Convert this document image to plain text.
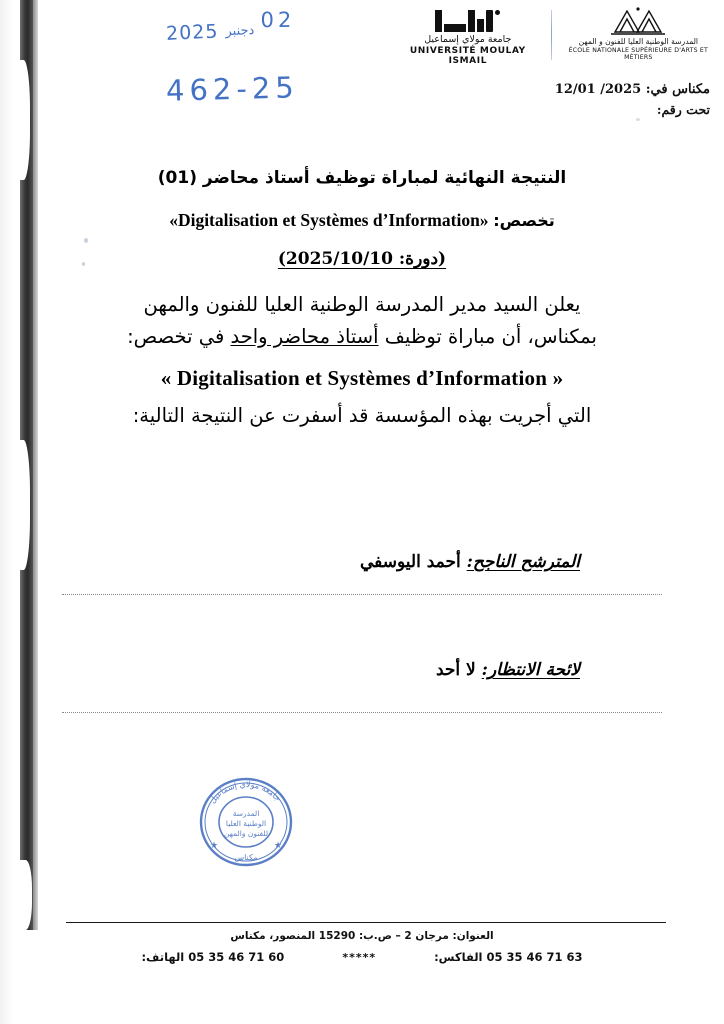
جامعة مولاي إسماعيل
UNIVERSITÉ MOULAY ISMAIL
المدرسة الوطنية العليا للفنون و المهن
ÉCOLE NATIONALE SUPÉRIEURE D'ARTS ET MÉTIERS
2025 دجنبر 02
462-25	مكناس في: 2025/ 12/01
تحت رقم:
النتيجة النهائية لمباراة توظيف أستاذ محاضر (01)
تخصص: «Digitalisation et Systèmes d’Information»
(دورة: 2025/10/10)
يعلن السيد مدير المدرسة الوطنية العليا للفنون والمهن
بمكناس، أن مباراة توظيف أستاذ محاضر واحد في تخصص:
« Digitalisation et Systèmes d’Information »
التي أجريت بهذه المؤسسة قد أسفرت عن النتيجة التالية:
المترشح الناجح: أحمد اليوسفي
لائحة الانتظار: لا أحد
المدرسة
الوطنية العليا
للفنون والمهن
جامعة مولاي إسماعيل
مكناس
★	★
العنوان: مرجان 2 – ص.ب: 15290 المنصور، مكناس
05 35 46 71 63 الفاكس:
*****
05 35 46 71 60 الهاتف:
